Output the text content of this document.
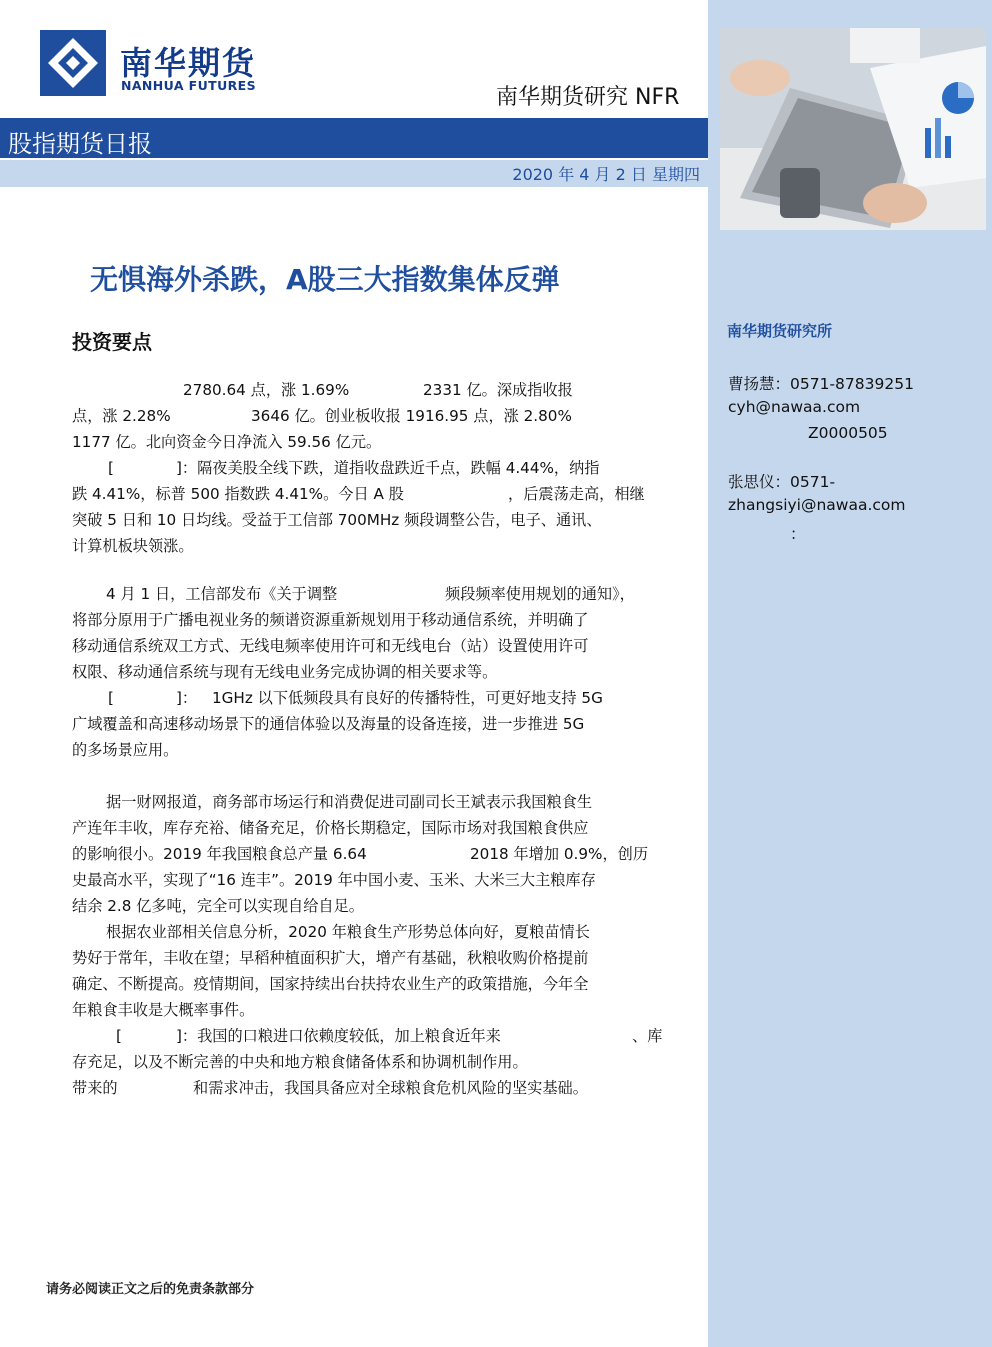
南华期货
NANHUA FUTURES	南华期货研究 NFR
股指期货日报
2020 年 4 月 2 日 星期四
无惧海外杀跌，A股三大指数集体反弹
投资要点
2780.64 点，涨 1.69%	2331 亿。深成指收报
点，涨 2.28%	3646 亿。创业板收报 1916.95 点，涨 2.80%
1177 亿。北向资金今日净流入 59.56 亿元。
[	]：隔夜美股全线下跌，道指收盘跌近千点，跌幅 4.44%，纳指
跌 4.41%，标普 500 指数跌 4.41%。今日 A 股	，后震荡走高，相继
突破 5 日和 10 日均线。受益于工信部 700MHz 频段调整公告，电子、通讯、
计算机板块领涨。
4 月 1 日，工信部发布《关于调整	频段频率使用规划的通知》，
将部分原用于广播电视业务的频谱资源重新规划用于移动通信系统，并明确了
移动通信系统双工方式、无线电频率使用许可和无线电台（站）设置使用许可
权限、移动通信系统与现有无线电业务完成协调的相关要求等。
[	]： 1GHz 以下低频段具有良好的传播特性，可更好地支持 5G
广域覆盖和高速移动场景下的通信体验以及海量的设备连接，进一步推进 5G
的多场景应用。
据一财网报道，商务部市场运行和消费促进司副司长王斌表示我国粮食生
产连年丰收，库存充裕、储备充足，价格长期稳定，国际市场对我国粮食供应
的影响很小。2019 年我国粮食总产量 6.64	2018 年增加 0.9%，创历
史最高水平，实现了“16 连丰”。2019 年中国小麦、玉米、大米三大主粮库存
结余 2.8 亿多吨，完全可以实现自给自足。
根据农业部相关信息分析，2020 年粮食生产形势总体向好，夏粮苗情长
势好于常年，丰收在望；早稻种植面积扩大，增产有基础，秋粮收购价格提前
确定、不断提高。疫情期间，国家持续出台扶持农业生产的政策措施，今年全
年粮食丰收是大概率事件。
[	]：我国的口粮进口依赖度较低，加上粮食近年来	、库
存充足，以及不断完善的中央和地方粮食储备体系和协调机制作用。
带来的	和需求冲击，我国具备应对全球粮食危机风险的坚实基础。
南华期货研究所
曹扬慧：0571-87839251
cyh@nawaa.com
Z0000505
张思仪：0571-
zhangsiyi@nawaa.com
：
请务必阅读正文之后的免责条款部分
